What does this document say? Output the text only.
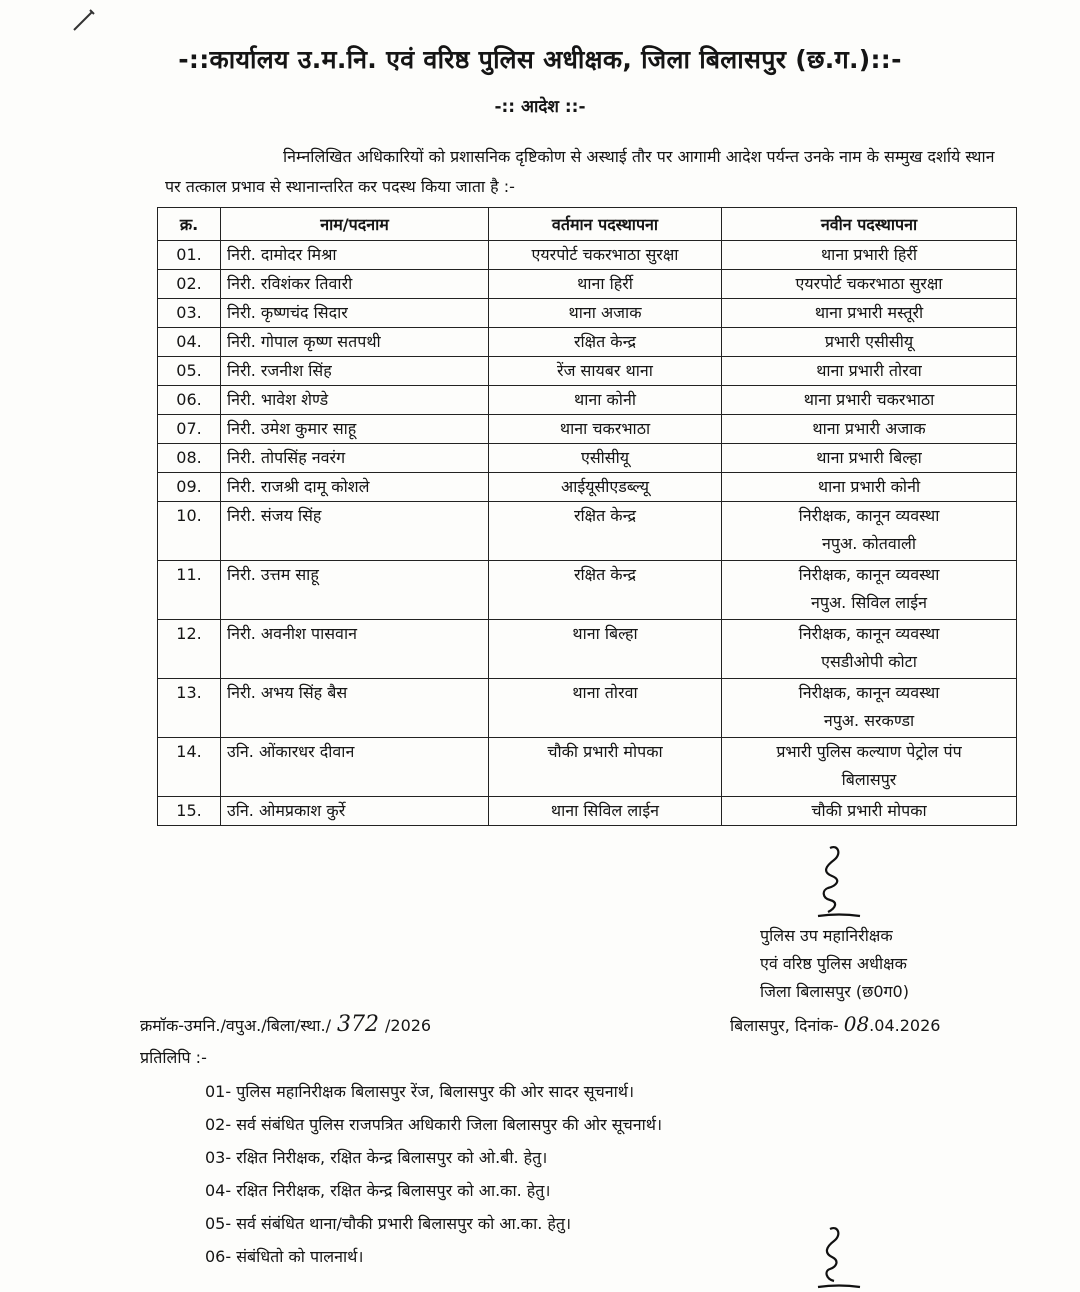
-::कार्यालय उ.म.नि. एवं वरिष्ठ पुलिस अधीक्षक, जिला बिलासपुर (छ.ग.)::-
-:: आदेश ::-
निम्नलिखित अधिकारियों को प्रशासनिक दृष्टिकोण से अस्थाई तौर पर आगामी आदेश पर्यन्त उनके नाम के सम्मुख दर्शाये स्थान पर तत्काल प्रभाव से स्थानान्तरित कर पदस्थ किया जाता है :-
क्र.	नाम/पदनाम	वर्तमान पदस्थापना	नवीन पदस्थापना
01.	निरी. दामोदर मिश्रा	एयरपोर्ट चकरभाठा सुरक्षा	थाना प्रभारी हिर्री

02.	निरी. रविशंकर तिवारी	थाना हिर्री	एयरपोर्ट चकरभाठा सुरक्षा

03.	निरी. कृष्णचंद सिदार	थाना अजाक	थाना प्रभारी मस्तूरी

04.	निरी. गोपाल कृष्ण सतपथी	रक्षित केन्द्र	प्रभारी एसीसीयू

05.	निरी. रजनीश सिंह	रेंज सायबर थाना	थाना प्रभारी तोरवा

06.	निरी. भावेश शेण्डे	थाना कोनी	थाना प्रभारी चकरभाठा

07.	निरी. उमेश कुमार साहू	थाना चकरभाठा	थाना प्रभारी अजाक

08.	निरी. तोपसिंह नवरंग	एसीसीयू	थाना प्रभारी बिल्हा

09.	निरी. राजश्री दामू कोशले	आईयूसीएडब्ल्यू	थाना प्रभारी कोनी

10.	निरी. संजय सिंह	रक्षित केन्द्र	निरीक्षक, कानून व्यवस्था
नपुअ. कोतवाली

11.	निरी. उत्तम साहू	रक्षित केन्द्र	निरीक्षक, कानून व्यवस्था
नपुअ. सिविल लाईन

12.	निरी. अवनीश पासवान	थाना बिल्हा	निरीक्षक, कानून व्यवस्था
एसडीओपी कोटा

13.	निरी. अभय सिंह बैस	थाना तोरवा	निरीक्षक, कानून व्यवस्था
नपुअ. सरकण्डा

14.	उनि. ओंकारधर दीवान	चौकी प्रभारी मोपका	प्रभारी पुलिस कल्याण पेट्रोल पंप
बिलासपुर

15.	उनि. ओमप्रकाश कुर्रे	थाना सिविल लाईन	चौकी प्रभारी मोपका
पुलिस उप महानिरीक्षक
एवं वरिष्ठ पुलिस अधीक्षक
जिला बिलासपुर (छ0ग0)
क्रमॉक-उमनि./वपुअ./बिला/स्था./ 372 /2026	बिलासपुर, दिनांक- 08.04.2026
प्रतिलिपि :-
01- पुलिस महानिरीक्षक बिलासपुर रेंज, बिलासपुर की ओर सादर सूचनार्थ।
02- सर्व संबंधित पुलिस राजपत्रित अधिकारी जिला बिलासपुर की ओर सूचनार्थ।
03- रक्षित निरीक्षक, रक्षित केन्द्र बिलासपुर को ओ.बी. हेतु।
04- रक्षित निरीक्षक, रक्षित केन्द्र बिलासपुर को आ.का. हेतु।
05- सर्व संबंधित थाना/चौकी प्रभारी बिलासपुर को आ.का. हेतु।
06- संबंधितो को पालनार्थ।
